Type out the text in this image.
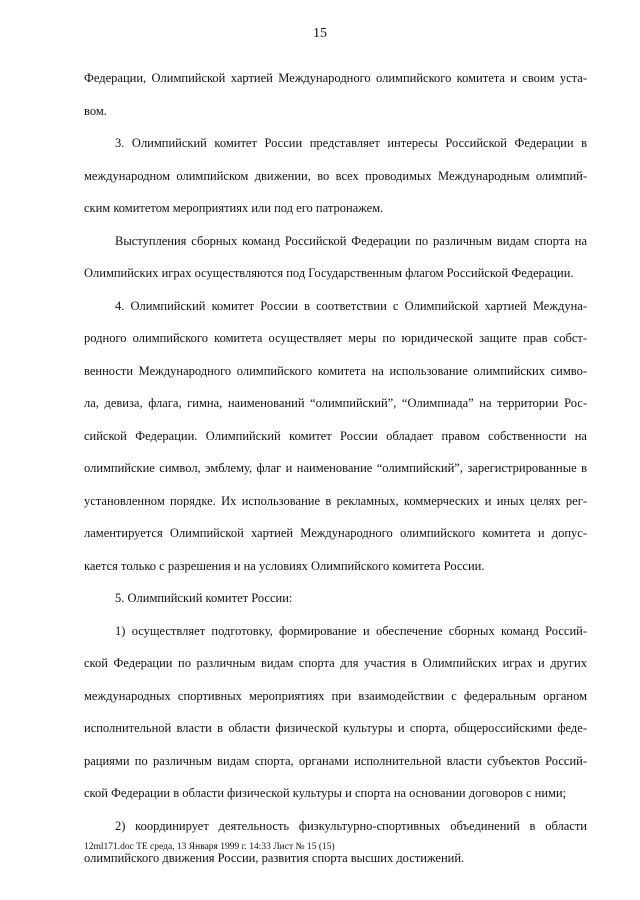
15
Федерации, Олимпийской хартией Международного олимпийского комитета и своим уста-
вом.
3. Олимпийский комитет России представляет интересы Российской Федерации в
международном олимпийском движении, во всех проводимых Международным олимпий-
ским комитетом мероприятиях или под его патронажем.
Выступления сборных команд Российской Федерации по различным видам спорта на
Олимпийских играх осуществляются под Государственным флагом Российской Федерации.
4. Олимпийский комитет России в соответствии с Олимпийской хартией Междуна-
родного олимпийского комитета осуществляет меры по юридической защите прав собст-
венности Международного олимпийского комитета на использование олимпийских симво-
ла, девиза, флага, гимна, наименований “олимпийский”, “Олимпиада” на территории Рос-
сийской Федерации. Олимпийский комитет России обладает правом собственности на
олимпийские символ, эмблему, флаг и наименование “олимпийский”, зарегистрированные в
установленном порядке. Их использование в рекламных, коммерческих и иных целях рег-
ламентируется Олимпийской хартией Международного олимпийского комитета и допус-
кается только с разрешения и на условиях Олимпийского комитета России.
5. Олимпийский комитет России:
1) осуществляет подготовку, формирование и обеспечение сборных команд Россий-
ской Федерации по различным видам спорта для участия в Олимпийских играх и других
международных спортивных мероприятиях при взаимодействии с федеральным органом
исполнительной власти в области физической культуры и спорта, общероссийскими феде-
рациями по различным видам спорта, органами исполнительной власти субъектов Россий-
ской Федерации в области физической культуры и спорта на основании договоров с ними;
2) координирует деятельность физкультурно-спортивных объединений в области
олимпийского движения России, развития спорта высших достижений.
12ml171.doc TE среда, 13 Января 1999 г. 14:33 Лист № 15 (15)
